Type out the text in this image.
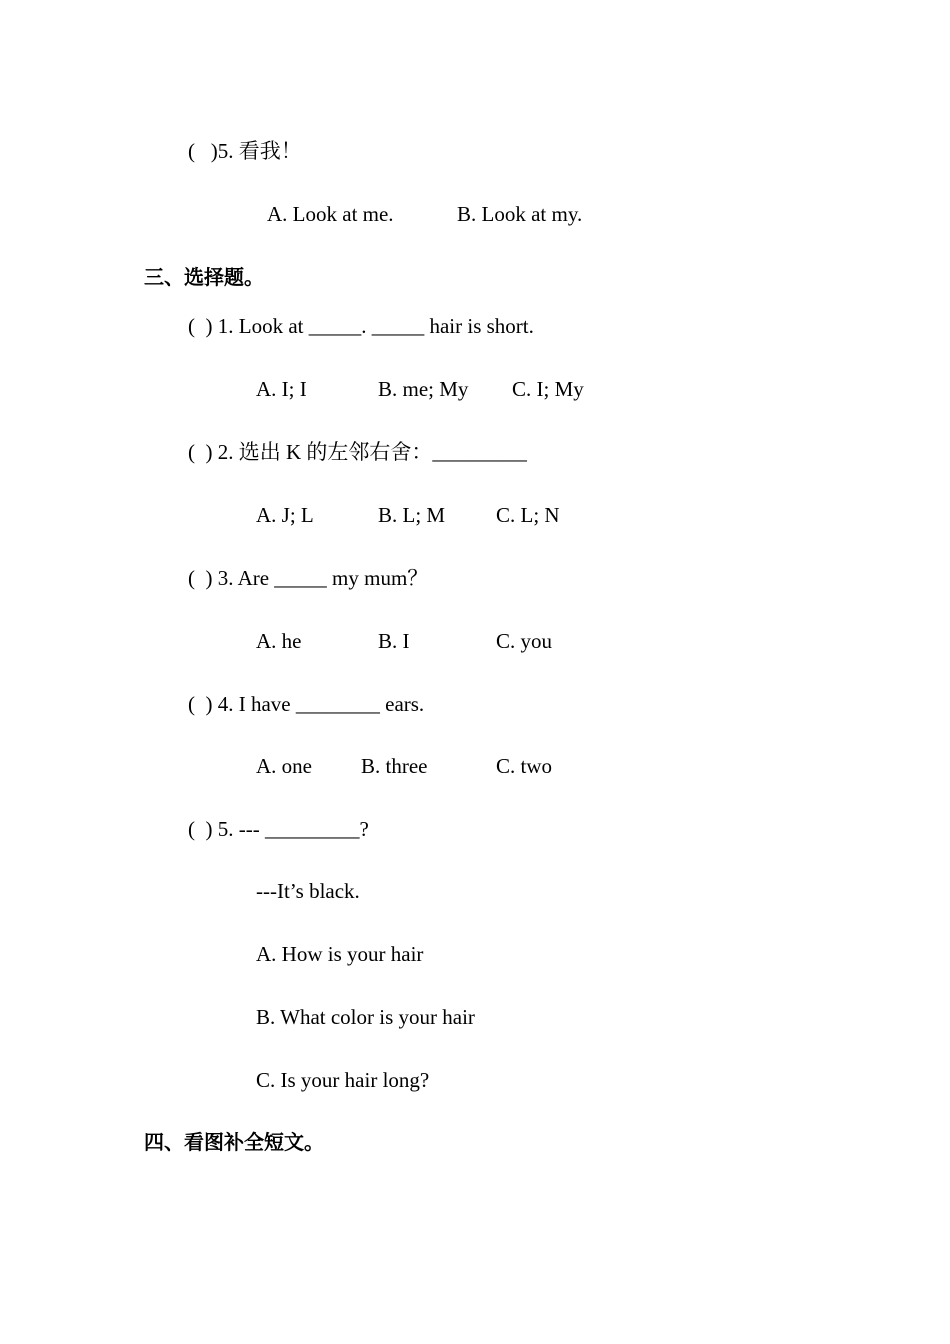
(   )5. 看我！
A. Look at me.	B. Look at my.
三、选择题。
(  ) 1. Look at _____. _____ hair is short.
A. I; I	B. me; My C. I; My
(  ) 2. 选出 K 的左邻右舍：_________
A. J; L	B. L; M C. L; N
(  ) 3. Are _____ my mum？
A. he	B. I	C. you
(  ) 4. I have ________ ears.
A. one B. three	C. two
(  ) 5. --- _________?
---It’s black.
A. How is your hair
B. What color is your hair
C. Is your hair long?
四、看图补全短文。
